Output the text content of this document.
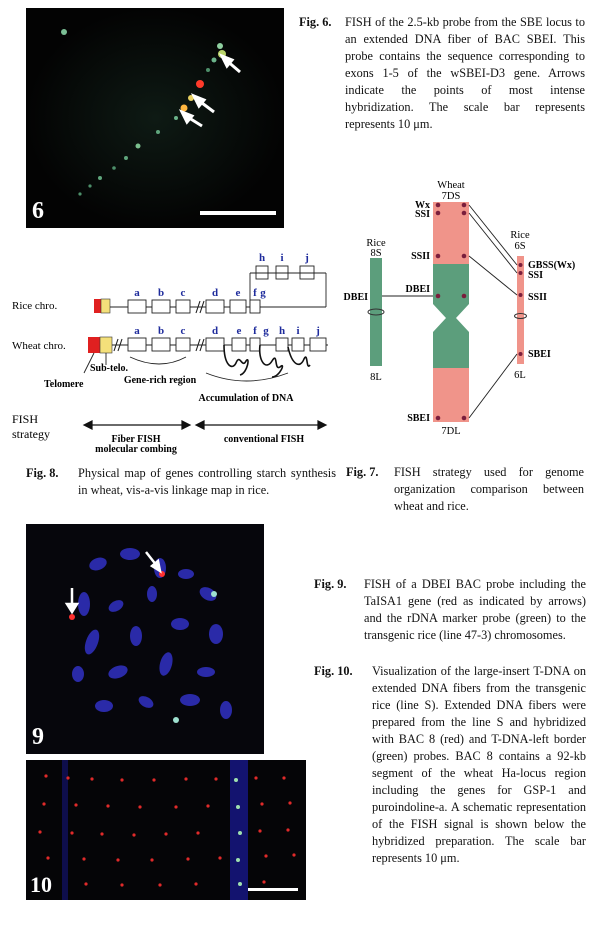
6
Fig. 6. FISH of the 2.5-kb probe from the SBE locus to an extended DNA fiber of BAC SBEI. This probe contains the sequence corresponding to exons 1-5 of the wSBEI-D3 gene. Arrows indicate the points of most intense hybridization. The scale bar represents represents 10 μm.
Wheat
7DS
7DL
Wx
SSI
SSII
DBEI
SBEI
Rice
8S
8L
DBEI
Rice
6S
6L
GBSS(Wx)
SSI
SSII
SBEI
Fig. 7. FISH strategy used for genome organization comparison between wheat and rice.
h i j
Rice chro.
a b c d e f g
Wheat chro.
a b c d e f g h i j
Telomere
Sub-telo.
Gene-rich region
Accumulation of DNA
FISH
strategy	Fiber FISH
molecular combing
conventional FISH
Fig. 8. Physical map of genes controlling starch synthesis in wheat, vis-a-vis linkage map in rice.
9
Fig. 9. FISH of a DBEI BAC probe including the TaISA1 gene (red as indicated by arrows) and the rDNA marker probe (green) to the transgenic rice (line 47-3) chromosomes.
10
Fig. 10. Visualization of the large-insert T-DNA on extended DNA fibers from the transgenic rice (line S). Extended DNA fibers were prepared from the line S and hybridized with BAC 8 (red) and T-DNA-left border (green) probes. BAC 8 contains a 92-kb segment of the wheat Ha-locus region including the genes for GSP-1 and puroindoline-a. A schematic representation of the FISH signal is shown below the hybridized preparation. The scale bar represents 10 μm.
